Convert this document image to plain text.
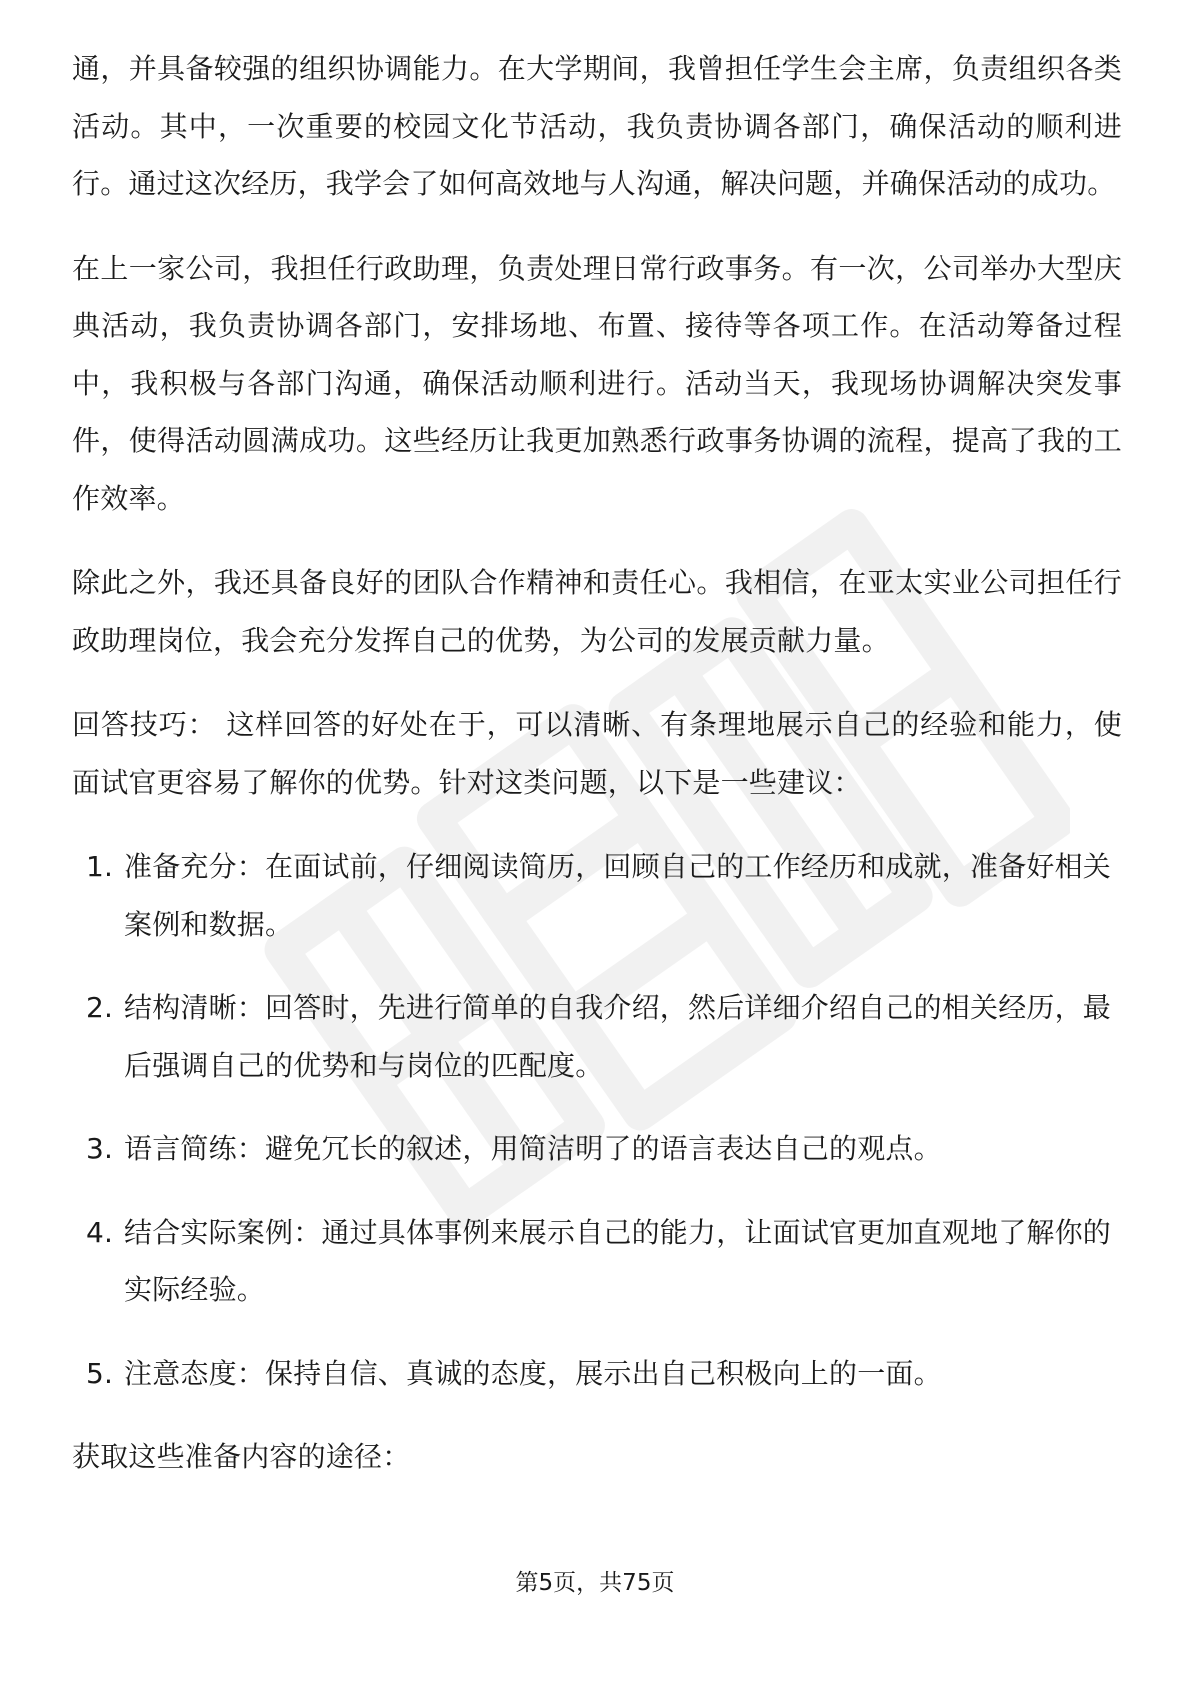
通，并具备较强的组织协调能力。在大学期间，我曾担任学生会主席，负责组织各类活动。其中，一次重要的校园文化节活动，我负责协调各部门，确保活动的顺利进行。通过这次经历，我学会了如何高效地与人沟通，解决问题，并确保活动的成功。

在上一家公司，我担任行政助理，负责处理日常行政事务。有一次，公司举办大型庆典活动，我负责协调各部门，安排场地、布置、接待等各项工作。在活动筹备过程中，我积极与各部门沟通，确保活动顺利进行。活动当天，我现场协调解决突发事件，使得活动圆满成功。这些经历让我更加熟悉行政事务协调的流程，提高了我的工作效率。

除此之外，我还具备良好的团队合作精神和责任心。我相信，在亚太实业公司担任行政助理岗位，我会充分发挥自己的优势，为公司的发展贡献力量。

回答技巧： 这样回答的好处在于，可以清晰、有条理地展示自己的经验和能力，使面试官更容易了解你的优势。针对这类问题，以下是一些建议：

1. 准备充分：在面试前，仔细阅读简历，回顾自己的工作经历和成就，准备好相关案例和数据。
2. 结构清晰：回答时，先进行简单的自我介绍，然后详细介绍自己的相关经历，最后强调自己的优势和与岗位的匹配度。
3. 语言简练：避免冗长的叙述，用简洁明了的语言表达自己的观点。
4. 结合实际案例：通过具体事例来展示自己的能力，让面试官更加直观地了解你的实际经验。
5. 注意态度：保持自信、真诚的态度，展示出自己积极向上的一面。

获取这些准备内容的途径：

第5页，共75页
